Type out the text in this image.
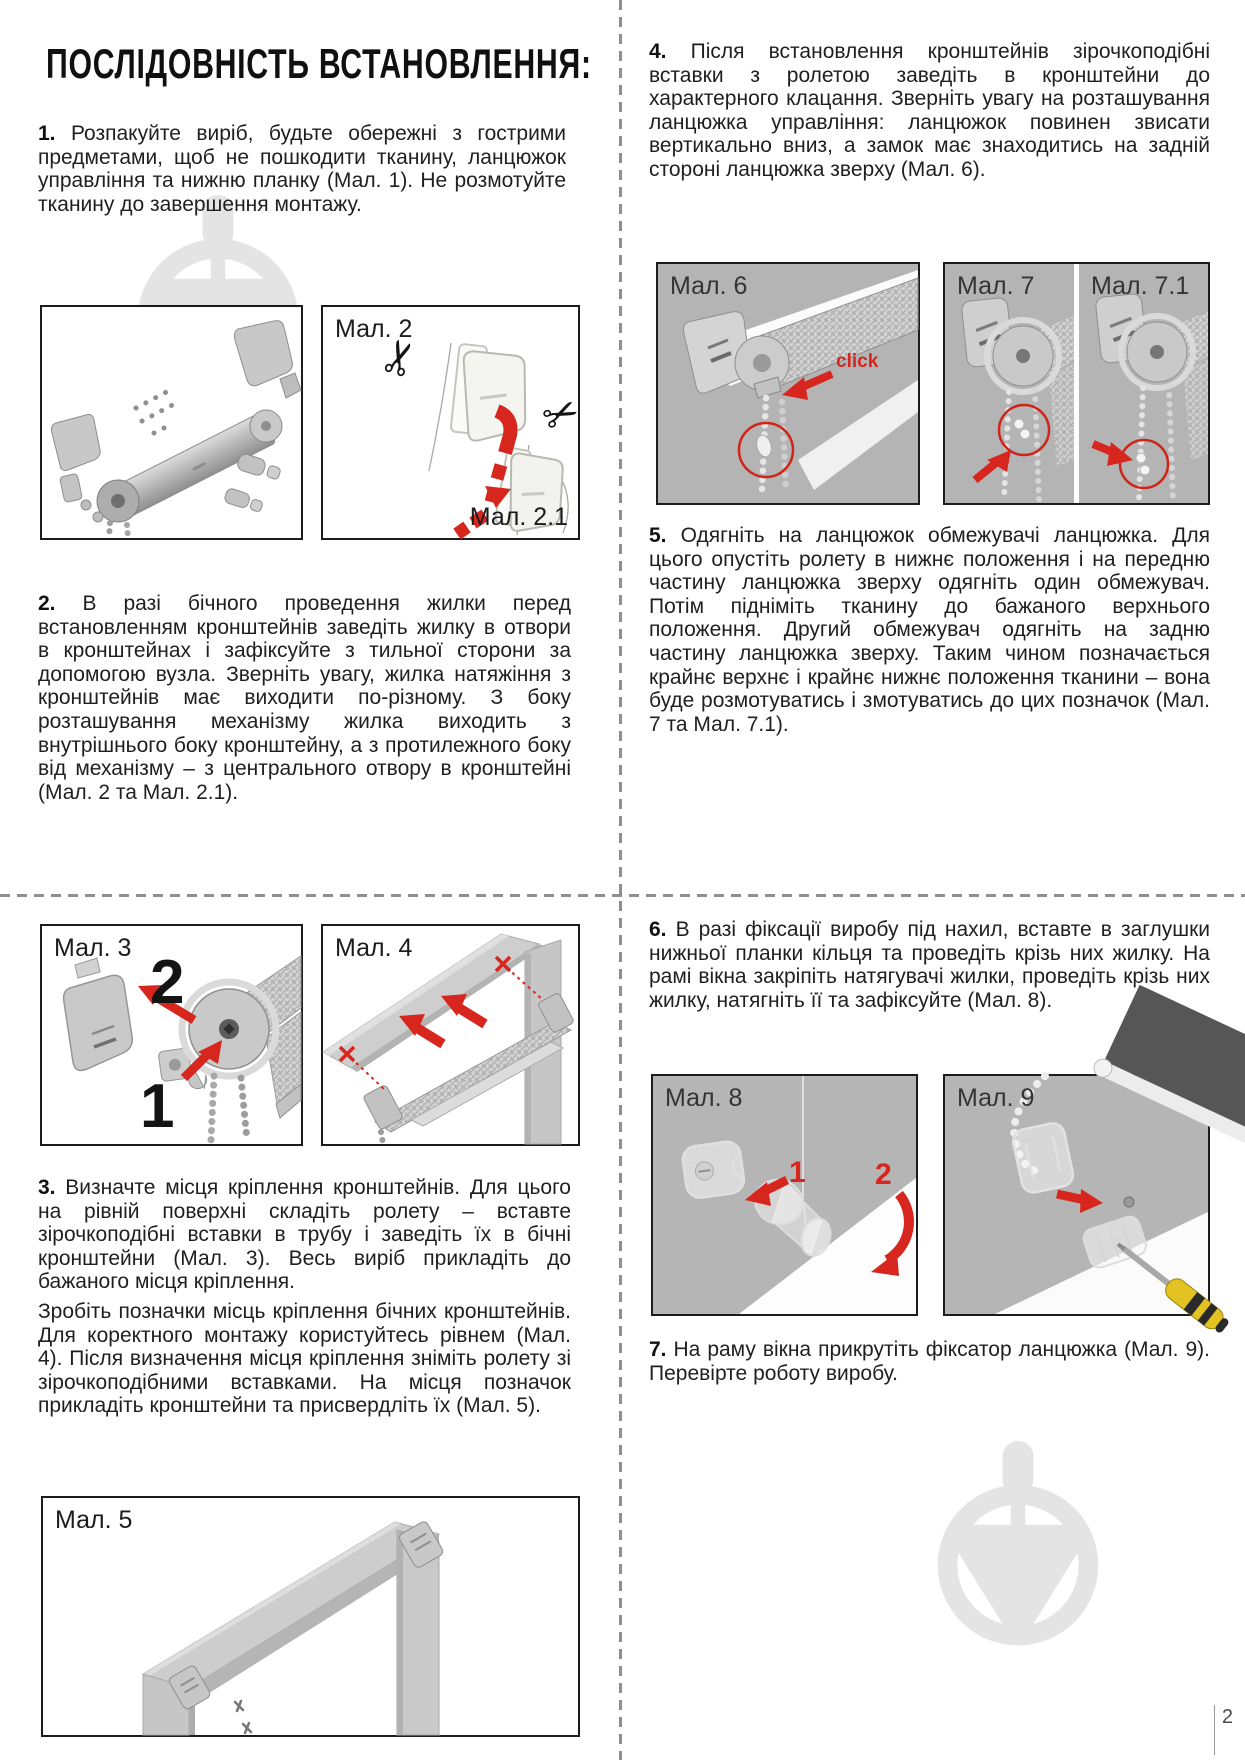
ПОСЛІДОВНІСТЬ ВСТАНОВЛЕННЯ:

1. Розпакуйте виріб, будьте обережні з гострими предметами, щоб не пошкодити тканину, ланцюжок управління та нижню планку (Мал. 1). Не розмотуйте тканину до завершення монтажу.

2. В разі бічного проведення жилки перед встановленням кронштейнів заведіть жилку в отвори в кронштейнах і зафіксуйте з тильної сторони за допомогою вузла. Зверніть увагу, жилка натяжіння з кронштейнів має виходити по-різному. З боку розташування механізму жилка виходить з внутрішнього боку кронштейну, а з протилежного боку від механізму – з центрального отвору в кронштейні (Мал. 2 та Мал. 2.1).

3. Визначте місця кріплення кронштейнів. Для цього на рівній поверхні складіть ролету – вставте зірочкоподібні вставки в трубу і заведіть їх в бічні кронштейни (Мал. 3). Весь виріб прикладіть до бажаного місця кріплення.

Зробіть позначки місць кріплення бічних кронштейнів. Для коректного монтажу користуйтесь рівнем (Мал. 4). Після визначення місця кріплення зніміть ролету зі зірочкоподібними вставками. На місця позначок прикладіть кронштейни та присвердліть їх (Мал. 5).

4. Після встановлення кронштейнів зірочкоподібні вставки з ролетою заведіть в кронштейни до характерного клацання. Зверніть увагу на розташування ланцюжка управління: ланцюжок повинен звисати вертикально вниз, а замок має знаходитись на задній стороні ланцюжка зверху (Мал. 6).

5. Одягніть на ланцюжок обмежувачі ланцюжка. Для цього опустіть ролету в нижнє положення і на передню частину ланцюжка зверху одягніть один обмежувач. Потім підніміть тканину до бажаного верхнього положення. Другий обмежувач одягніть на задню частину ланцюжка зверху. Таким чином позначається крайнє верхнє і крайнє нижнє положення тканини – вона буде розмотуватись і змотуватись до цих позначок (Мал. 7 та Мал. 7.1).

6. В разі фіксації виробу під нахил, вставте в заглушки нижньої планки кільця та проведіть крізь них жилку. На рамі вікна закріпіть натягувачі жилки, проведіть крізь них жилку, натягніть її та зафіксуйте (Мал. 8).

7. На раму вікна прикрутіть фіксатор ланцюжка (Мал. 9). Перевірте роботу виробу.

✂
✂
Мал. 2
Мал. 2.1
Мал. 3 2
1
Мал. 4
Мал. 5
Мал. 6
click
Мал. 7 Мал. 7.1
Мал. 8
1 2
Мал. 9
2
